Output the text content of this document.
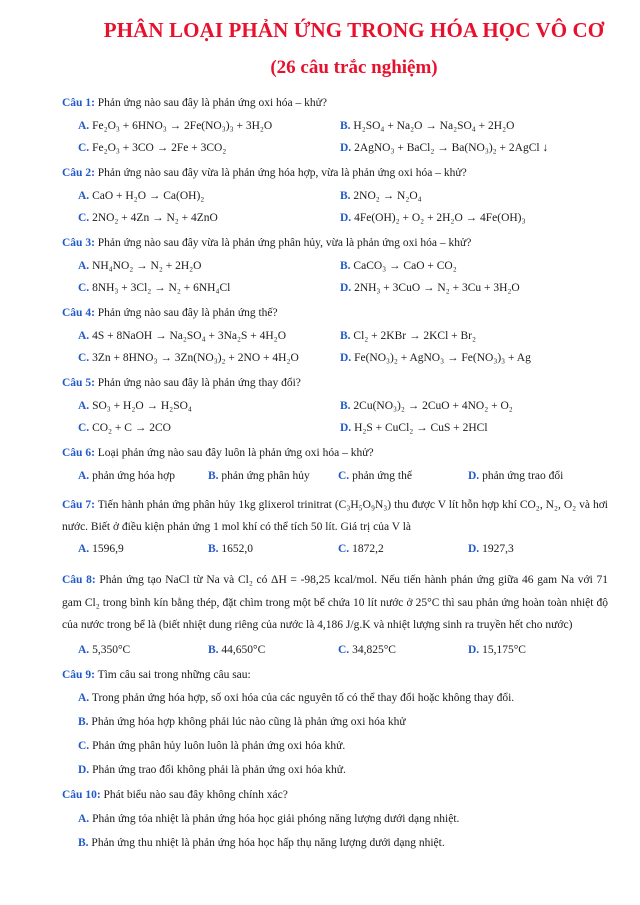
PHÂN LOẠI PHẢN ỨNG TRONG HÓA HỌC VÔ CƠ
(26 câu trắc nghiệm)
Câu 1: Phản ứng nào sau đây là phản ứng oxi hóa – khử?
A. Fe₂O₃ + 6HNO₃ → 2Fe(NO₃)₃ + 3H₂O	B. H₂SO₄ + Na₂O → Na₂SO₄ + 2H₂O
C. Fe₂O₃ + 3CO → 2Fe + 3CO₂	D. 2AgNO₃ + BaCl₂ → Ba(NO₃)₂ + 2AgCl ↓
Câu 2: Phản ứng nào sau đây vừa là phản ứng hóa hợp, vừa là phản ứng oxi hóa – khử?
A. CaO + H₂O → Ca(OH)₂	B. 2NO₂ → N₂O₄
C. 2NO₂ + 4Zn → N₂ + 4ZnO	D. 4Fe(OH)₂ + O₂ + 2H₂O → 4Fe(OH)₃
Câu 3: Phản ứng nào sau đây vừa là phản ứng phân hủy, vừa là phản ứng oxi hóa – khử?
A. NH₄NO₂ → N₂ + 2H₂O	B. CaCO₃ → CaO + CO₂
C. 8NH₃ + 3Cl₂ → N₂ + 6NH₄Cl	D. 2NH₃ + 3CuO → N₂ + 3Cu + 3H₂O
Câu 4: Phản ứng nào sau đây là phản ứng thế?
A. 4S + 8NaOH → Na₂SO₄ + 3Na₂S + 4H₂O	B. Cl₂ + 2KBr → 2KCl + Br₂
C. 3Zn + 8HNO₃ → 3Zn(NO₃)₂ + 2NO + 4H₂O	D. Fe(NO₃)₂ + AgNO₃ → Fe(NO₃)₃ + Ag
Câu 5: Phản ứng nào sau đây là phản ứng thay đổi?
A. SO₃ + H₂O → H₂SO₄	B. 2Cu(NO₃)₂ → 2CuO + 4NO₂ + O₂
C. CO₂ + C → 2CO	D. H₂S + CuCl₂ → CuS + 2HCl
Câu 6: Loại phản ứng nào sau đây luôn là phản ứng oxi hóa – khử?
A. phản ứng hóa hợp	B. phản ứng phân hủy	C. phản ứng thế	D. phản ứng trao đổi
Câu 7: Tiến hành phản ứng phân hủy 1kg glixerol trinitrat (C₃H₅O₉N₃) thu được V lít hỗn hợp khí CO₂, N₂, O₂ và hơi nước. Biết ở điều kiện phản ứng 1 mol khí có thể tích 50 lít. Giá trị của V là
A. 1596,9	B. 1652,0	C. 1872,2	D. 1927,3
Câu 8: Phản ứng tạo NaCl từ Na và Cl₂ có ΔH = -98,25 kcal/mol. Nếu tiến hành phản ứng giữa 46 gam Na với 71 gam Cl₂ trong bình kín bằng thép, đặt chìm trong một bể chứa 10 lít nước ở 25°C thì sau phản ứng hoàn toàn nhiệt độ của nước trong bể là (biết nhiệt dung riêng của nước là 4,186 J/g.K và nhiệt lượng sinh ra truyền hết cho nước)
A. 5,350°C	B. 44,650°C	C. 34,825°C	D. 15,175°C
Câu 9: Tìm câu sai trong những câu sau:
A. Trong phản ứng hóa hợp, số oxi hóa của các nguyên tố có thể thay đổi hoặc không thay đổi.
B. Phản ứng hóa hợp không phải lúc nào cũng là phản ứng oxi hóa khử
C. Phản ứng phân hủy luôn luôn là phản ứng oxi hóa khử.
D. Phản ứng trao đổi không phải là phản ứng oxi hóa khử.
Câu 10: Phát biểu nào sau đây không chính xác?
A. Phản ứng tỏa nhiệt là phản ứng hóa học giải phóng năng lượng dưới dạng nhiệt.
B. Phản ứng thu nhiệt là phản ứng hóa học hấp thụ năng lượng dưới dạng nhiệt.
